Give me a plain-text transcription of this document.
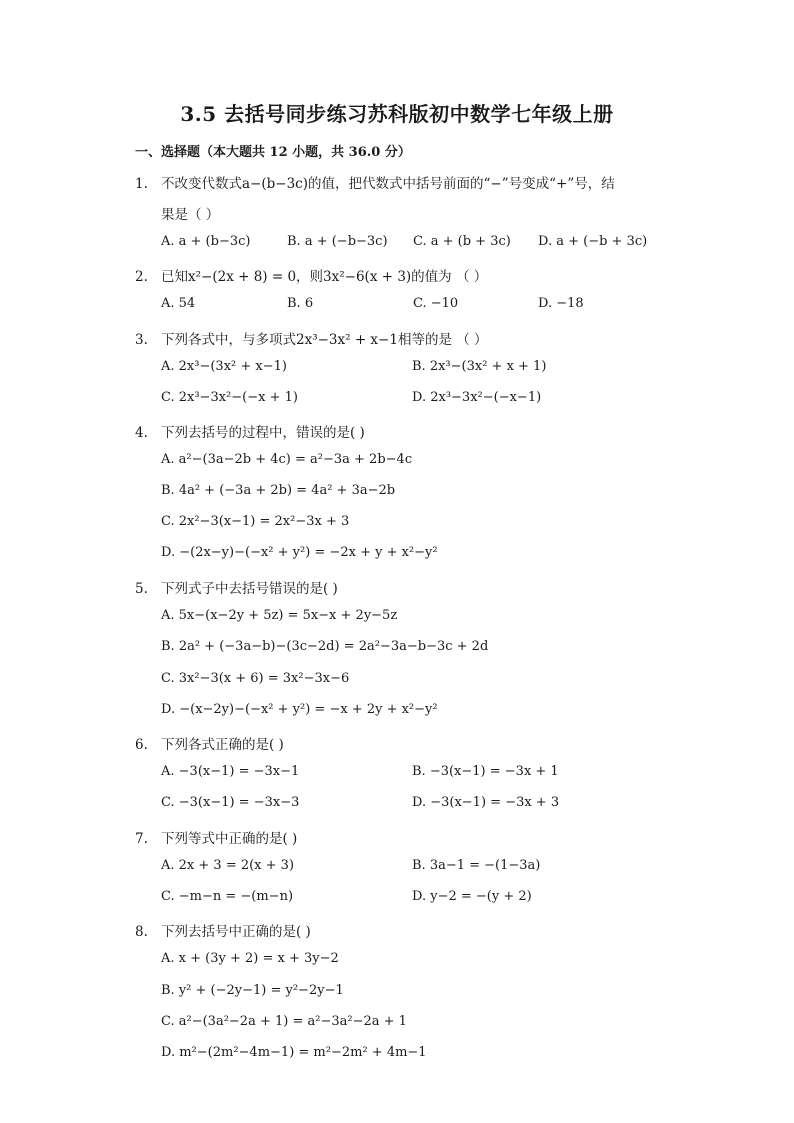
3.5 去括号同步练习苏科版初中数学七年级上册
一、选择题（本大题共 12 小题，共 36.0 分）
1. 不改变代数式a−(b−3c)的值，把代数式中括号前面的“−”号变成“+”号，结
果是（ ）
A. a + (b−3c)	B. a + (−b−3c) C. a + (b + 3c) D. a + (−b + 3c)
2. 已知x²−(2x + 8) = 0，则3x²−6(x + 3)的值为 （ ）
A. 54	B. 6	C. −10	D. −18
3. 下列各式中，与多项式2x³−3x² + x−1相等的是 （ ）
A. 2x³−(3x² + x−1)	B. 2x³−(3x² + x + 1)
C. 2x³−3x²−(−x + 1)	D. 2x³−3x²−(−x−1)
4. 下列去括号的过程中，错误的是( )
A. a²−(3a−2b + 4c) = a²−3a + 2b−4c
B. 4a² + (−3a + 2b) = 4a² + 3a−2b
C. 2x²−3(x−1) = 2x²−3x + 3
D. −(2x−y)−(−x² + y²) = −2x + y + x²−y²
5. 下列式子中去括号错误的是( )
A. 5x−(x−2y + 5z) = 5x−x + 2y−5z
B. 2a² + (−3a−b)−(3c−2d) = 2a²−3a−b−3c + 2d
C. 3x²−3(x + 6) = 3x²−3x−6
D. −(x−2y)−(−x² + y²) = −x + 2y + x²−y²
6. 下列各式正确的是( )
A. −3(x−1) = −3x−1	B. −3(x−1) = −3x + 1
C. −3(x−1) = −3x−3	D. −3(x−1) = −3x + 3
7. 下列等式中正确的是( )
A. 2x + 3 = 2(x + 3)	B. 3a−1 = −(1−3a)
C. −m−n = −(m−n)	D. y−2 = −(y + 2)
8. 下列去括号中正确的是( )
A. x + (3y + 2) = x + 3y−2
B. y² + (−2y−1) = y²−2y−1
C. a²−(3a²−2a + 1) = a²−3a²−2a + 1
D. m²−(2m²−4m−1) = m²−2m² + 4m−1
